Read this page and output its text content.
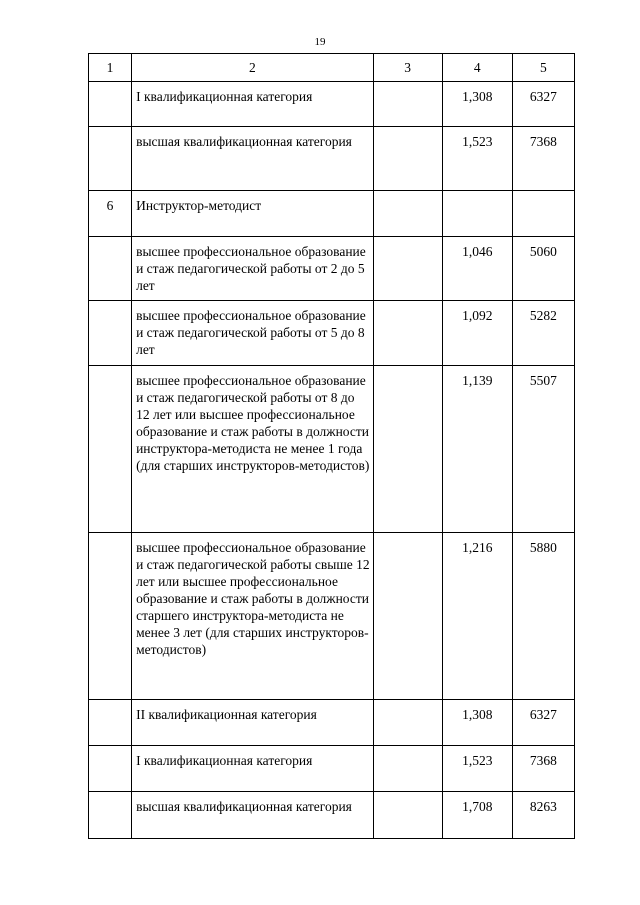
19
1	2	3	4	5

	I квалификационная категория		1,308	6327

	высшая квалификационная категория		1,523	7368

6	Инструктор-методист			

	высшее профессиональное образование и стаж педагогической работы от 2 до 5 лет		1,046	5060

	высшее профессиональное образование и стаж педагогической работы от 5 до 8 лет		1,092	5282

	высшее профессиональное образование и стаж педагогической работы от 8 до 12 лет или высшее профессиональное образование и стаж работы в должности инструктора-методиста не менее 1 года (для старших инструкторов-методистов)		1,139	5507

	высшее профессиональное образование и стаж педагогической работы свыше 12 лет или высшее профессиональное образование и стаж работы в должности старшего инструктора-методиста не менее 3 лет (для старших инструкторов-методистов)		1,216	5880

	II квалификационная категория		1,308	6327

	I квалификационная категория		1,523	7368

	высшая квалификационная категория		1,708	8263
